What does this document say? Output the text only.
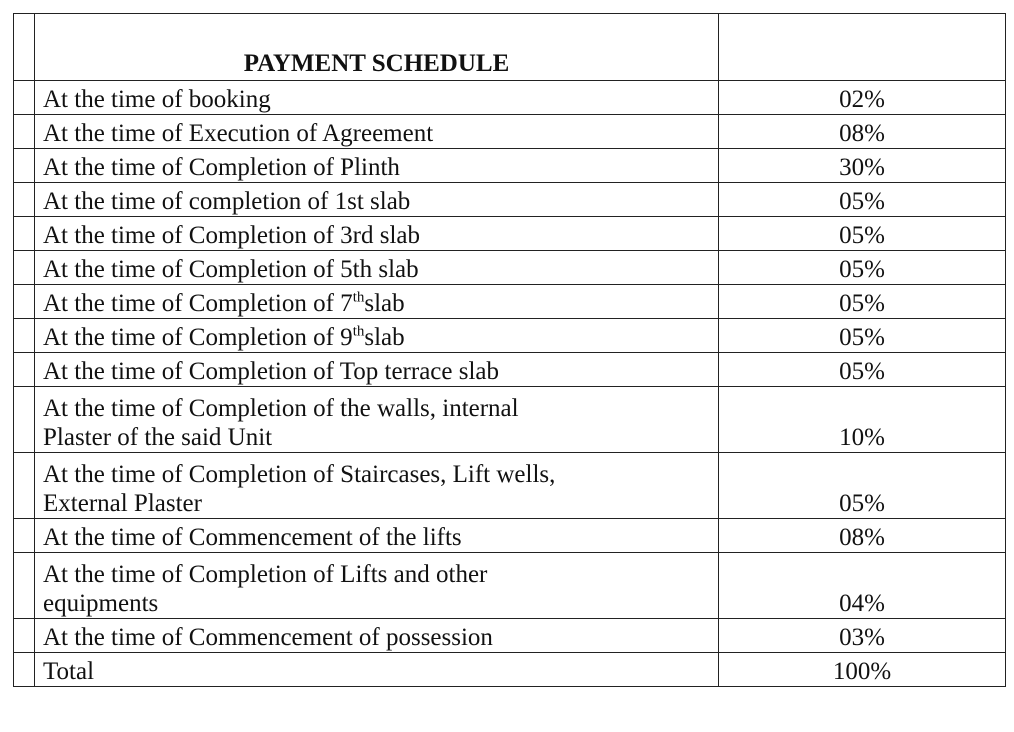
	PAYMENT SCHEDULE	
	At the time of booking	02%
	At the time of Execution of Agreement	08%
	At the time of Completion of Plinth	30%
	At the time of completion of 1st slab	05%
	At the time of Completion of 3rd slab	05%
	At the time of Completion of 5th slab	05%
	At the time of Completion of 7thslab	05%
	At the time of Completion of 9thslab	05%
	At the time of Completion of Top terrace slab	05%
	At the time of Completion of the walls, internal
Plaster of the said Unit	10%
	At the time of Completion of Staircases, Lift wells,
External Plaster	05%
	At the time of Commencement of the lifts	08%
	At the time of Completion of Lifts and other
equipments	04%
	At the time of Commencement of possession	03%
	Total	100%
